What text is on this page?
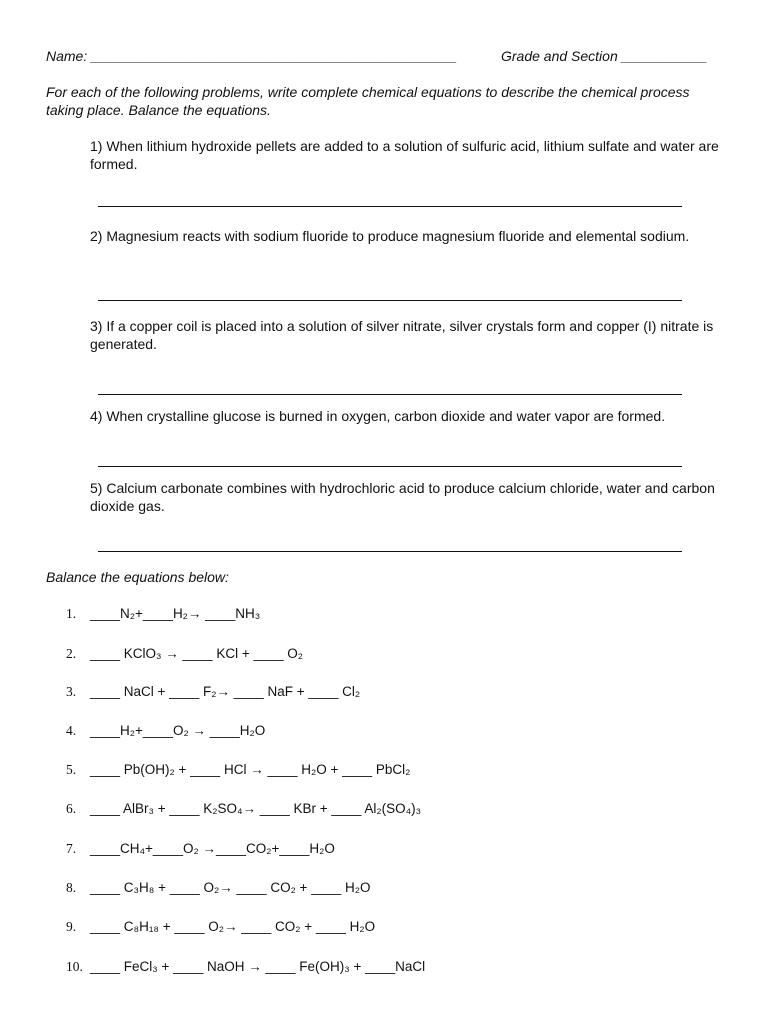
Name: _______________________________________________	Grade and Section ___________
For each of the following problems, write complete chemical equations to describe the chemical process taking place. Balance the equations.
1) When lithium hydroxide pellets are added to a solution of sulfuric acid, lithium sulfate and water are formed.
2) Magnesium reacts with sodium fluoride to produce magnesium fluoride and elemental sodium.
3) If a copper coil is placed into a solution of silver nitrate, silver crystals form and copper (I) nitrate is generated.
4) When crystalline glucose is burned in oxygen, carbon dioxide and water vapor are formed.
5) Calcium carbonate combines with hydrochloric acid to produce calcium chloride, water and carbon dioxide gas.
Balance the equations below:
1. ____N₂+____H₂→ ____NH₃
2. ____ KClO₃ → ____ KCl + ____ O₂
3. ____ NaCl + ____ F₂→ ____ NaF + ____ Cl₂
4. ____H₂+____O₂ → ____H₂O
5. ____ Pb(OH)₂ + ____ HCl → ____ H₂O + ____ PbCl₂
6. ____ AlBr₃ + ____ K₂SO₄→ ____ KBr + ____ Al₂(SO₄)₃
7. ____CH₄+____O₂ →____CO₂+____H₂O
8. ____ C₃H₈ + ____ O₂→ ____ CO₂ + ____ H₂O
9. ____ C₈H₁₈ + ____ O₂→ ____ CO₂ + ____ H₂O
10. ____ FeCl₃ + ____ NaOH → ____ Fe(OH)₃ + ____NaCl
